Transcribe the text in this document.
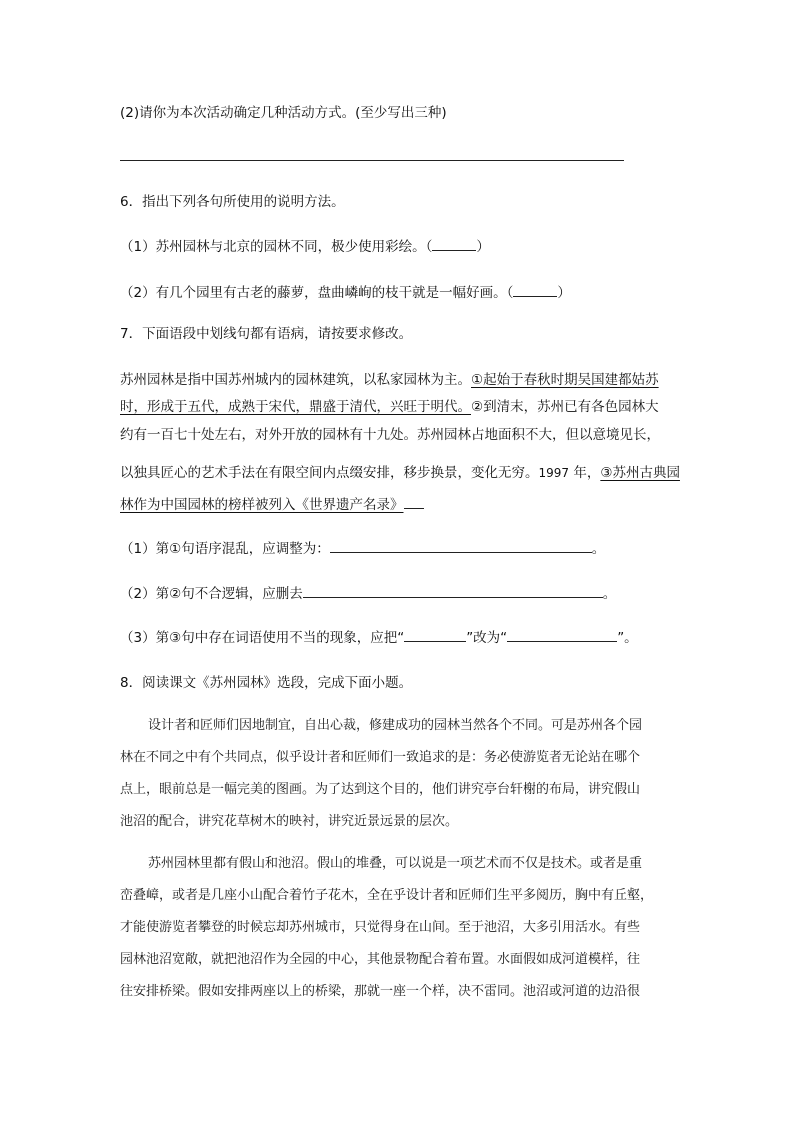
(2)请你为本次活动确定几种活动方式。(至少写出三种)
6．指出下列各句所使用的说明方法。
（1）苏州园林与北京的园林不同，极少使用彩绘。（	）
（2）有几个园里有古老的藤萝，盘曲嶙峋的枝干就是一幅好画。（	）
7．下面语段中划线句都有语病，请按要求修改。
苏州园林是指中国苏州城内的园林建筑，以私家园林为主。①起始于春秋时期吴国建都姑苏
时，形成于五代，成熟于宋代，鼎盛于清代，兴旺于明代。②到清末，苏州已有各色园林大
约有一百七十处左右，对外开放的园林有十九处。苏州园林占地面积不大，但以意境见长，
以独具匠心的艺术手法在有限空间内点缀安排，移步换景，变化无穷。1997 年，③苏州古典园
林作为中国园林的榜样被列入《世界遗产名录》
（1）第①句语序混乱，应调整为：	。
（2）第②句不合逻辑，应删去	。
（3）第③句中存在词语使用不当的现象，应把“	”改为“	”。
8．阅读课文《苏州园林》选段，完成下面小题。
设计者和匠师们因地制宜，自出心裁，修建成功的园林当然各个不同。可是苏州各个园
林在不同之中有个共同点，似乎设计者和匠师们一致追求的是：务必使游览者无论站在哪个
点上，眼前总是一幅完美的图画。为了达到这个目的，他们讲究亭台轩榭的布局，讲究假山
池沼的配合，讲究花草树木的映衬，讲究近景远景的层次。
苏州园林里都有假山和池沼。假山的堆叠，可以说是一项艺术而不仅是技术。或者是重
峦叠嶂，或者是几座小山配合着竹子花木，全在乎设计者和匠师们生平多阅历，胸中有丘壑，
才能使游览者攀登的时候忘却苏州城市，只觉得身在山间。至于池沼，大多引用活水。有些
园林池沼宽敞，就把池沼作为全园的中心，其他景物配合着布置。水面假如成河道模样，往
往安排桥梁。假如安排两座以上的桥梁，那就一座一个样，决不雷同。池沼或河道的边沿很
